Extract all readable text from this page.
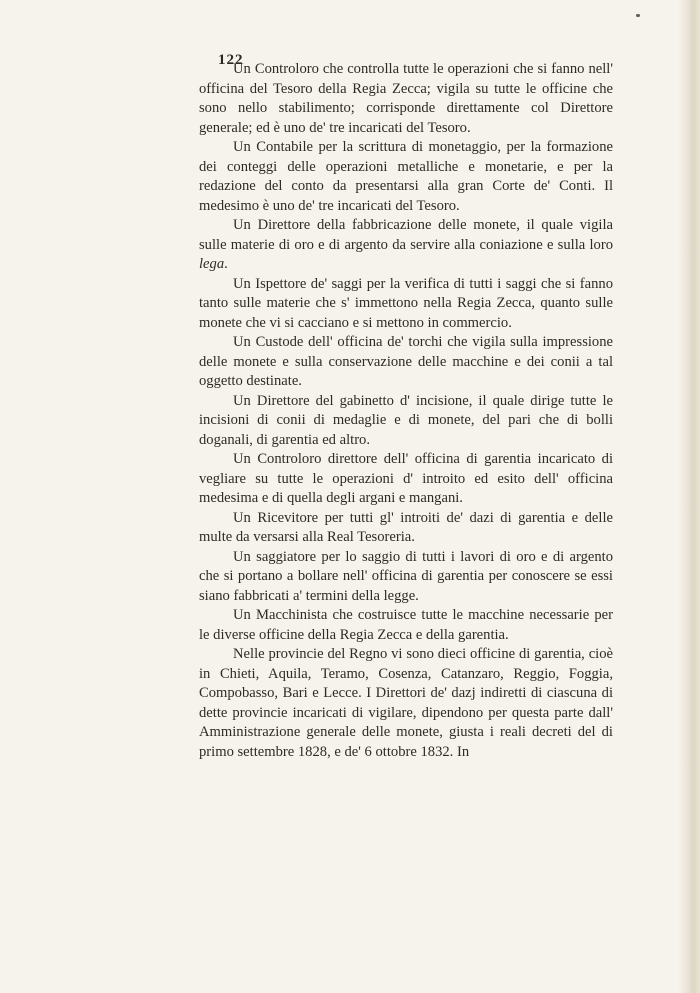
122

Un Controloro che controlla tutte le operazioni che si fanno nell' officina del Tesoro della Regia Zecca; vigila su tutte le officine che sono nello stabilimento; corrisponde direttamente col Direttore generale; ed è uno de' tre incaricati del Tesoro.

Un Contabile per la scrittura di monetaggio, per la formazione dei conteggi delle operazioni metalliche e monetarie, e per la redazione del conto da presentarsi alla gran Corte de' Conti. Il medesimo è uno de' tre incaricati del Tesoro.

Un Direttore della fabbricazione delle monete, il quale vigila sulle materie di oro e di argento da servire alla coniazione e sulla loro lega.

Un Ispettore de' saggi per la verifica di tutti i saggi che si fanno tanto sulle materie che s' immettono nella Regia Zecca, quanto sulle monete che vi si cacciano e si mettono in commercio.

Un Custode dell' officina de' torchi che vigila sulla impressione delle monete e sulla conservazione delle macchine e dei conii a tal oggetto destinate.

Un Direttore del gabinetto d' incisione, il quale dirige tutte le incisioni di conii di medaglie e di monete, del pari che di bolli doganali, di garentia ed altro.

Un Controloro direttore dell' officina di garentia incaricato di vegliare su tutte le operazioni d' introito ed esito dell' officina medesima e di quella degli argani e mangani.

Un Ricevitore per tutti gl' introiti de' dazi di garentia e delle multe da versarsi alla Real Tesoreria.

Un saggiatore per lo saggio di tutti i lavori di oro e di argento che si portano a bollare nell' officina di garentia per conoscere se essi siano fabbricati a' termini della legge.

Un Macchinista che costruisce tutte le macchine necessarie per le diverse officine della Regia Zecca e della garentia.

Nelle provincie del Regno vi sono dieci officine di garentia, cioè in Chieti, Aquila, Teramo, Cosenza, Catanzaro, Reggio, Foggia, Compobasso, Bari e Lecce. I Direttori de' dazj indiretti di ciascuna di dette provincie incaricati di vigilare, dipendono per questa parte dall' Amministrazione generale delle monete, giusta i reali decreti del di primo settembre 1828, e de' 6 ottobre 1832. In
